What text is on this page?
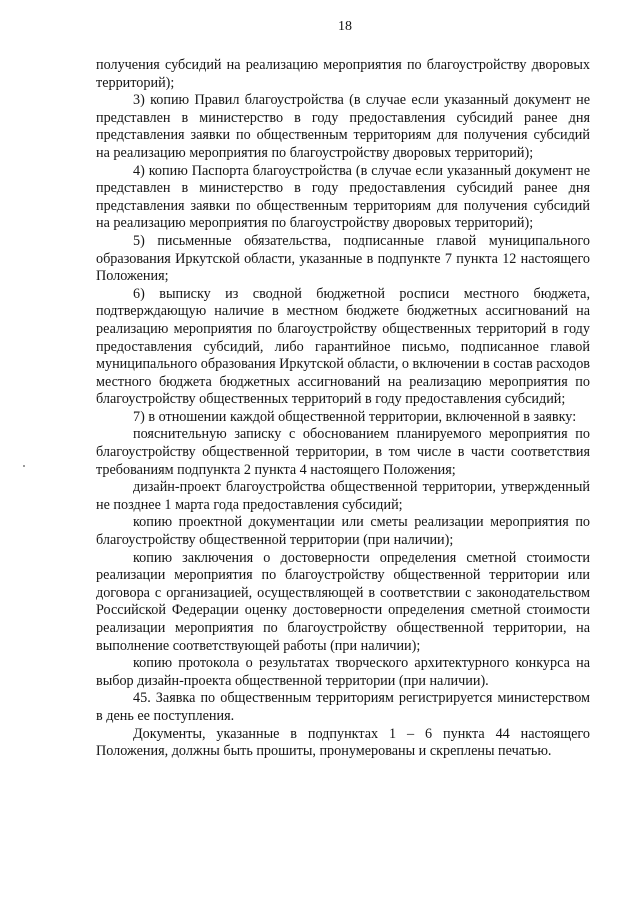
18

получения субсидий на реализацию мероприятия по благоустройству дворовых территорий);

3) копию Правил благоустройства (в случае если указанный документ не представлен в министерство в году предоставления субсидий ранее дня представления заявки по общественным территориям для получения субсидий на реализацию мероприятия по благоустройству дворовых территорий);

4) копию Паспорта благоустройства (в случае если указанный документ не представлен в министерство в году предоставления субсидий ранее дня представления заявки по общественным территориям для получения субсидий на реализацию мероприятия по благоустройству дворовых территорий);

5) письменные обязательства, подписанные главой муниципального образования Иркутской области, указанные в подпункте 7 пункта 12 настоящего Положения;

6) выписку из сводной бюджетной росписи местного бюджета, подтверждающую наличие в местном бюджете бюджетных ассигнований на реализацию мероприятия по благоустройству общественных территорий в году предоставления субсидий, либо гарантийное письмо, подписанное главой муниципального образования Иркутской области, о включении в состав расходов местного бюджета бюджетных ассигнований на реализацию мероприятия по благоустройству общественных территорий в году предоставления субсидий;

7) в отношении каждой общественной территории, включенной в заявку:

пояснительную записку с обоснованием планируемого мероприятия по благоустройству общественной территории, в том числе в части соответствия требованиям подпункта 2 пункта 4 настоящего Положения;

дизайн-проект благоустройства общественной территории, утвержденный не позднее 1 марта года предоставления субсидий;

копию проектной документации или сметы реализации мероприятия по благоустройству общественной территории (при наличии);

копию заключения о достоверности определения сметной стоимости реализации мероприятия по благоустройству общественной территории или договора с организацией, осуществляющей в соответствии с законодательством Российской Федерации оценку достоверности определения сметной стоимости реализации мероприятия по благоустройству общественной территории, на выполнение соответствующей работы (при наличии);

копию протокола о результатах творческого архитектурного конкурса на выбор дизайн-проекта общественной территории (при наличии).

45. Заявка по общественным территориям регистрируется министерством в день ее поступления.

Документы, указанные в подпунктах 1 – 6 пункта 44 настоящего Положения, должны быть прошиты, пронумерованы и скреплены печатью.
